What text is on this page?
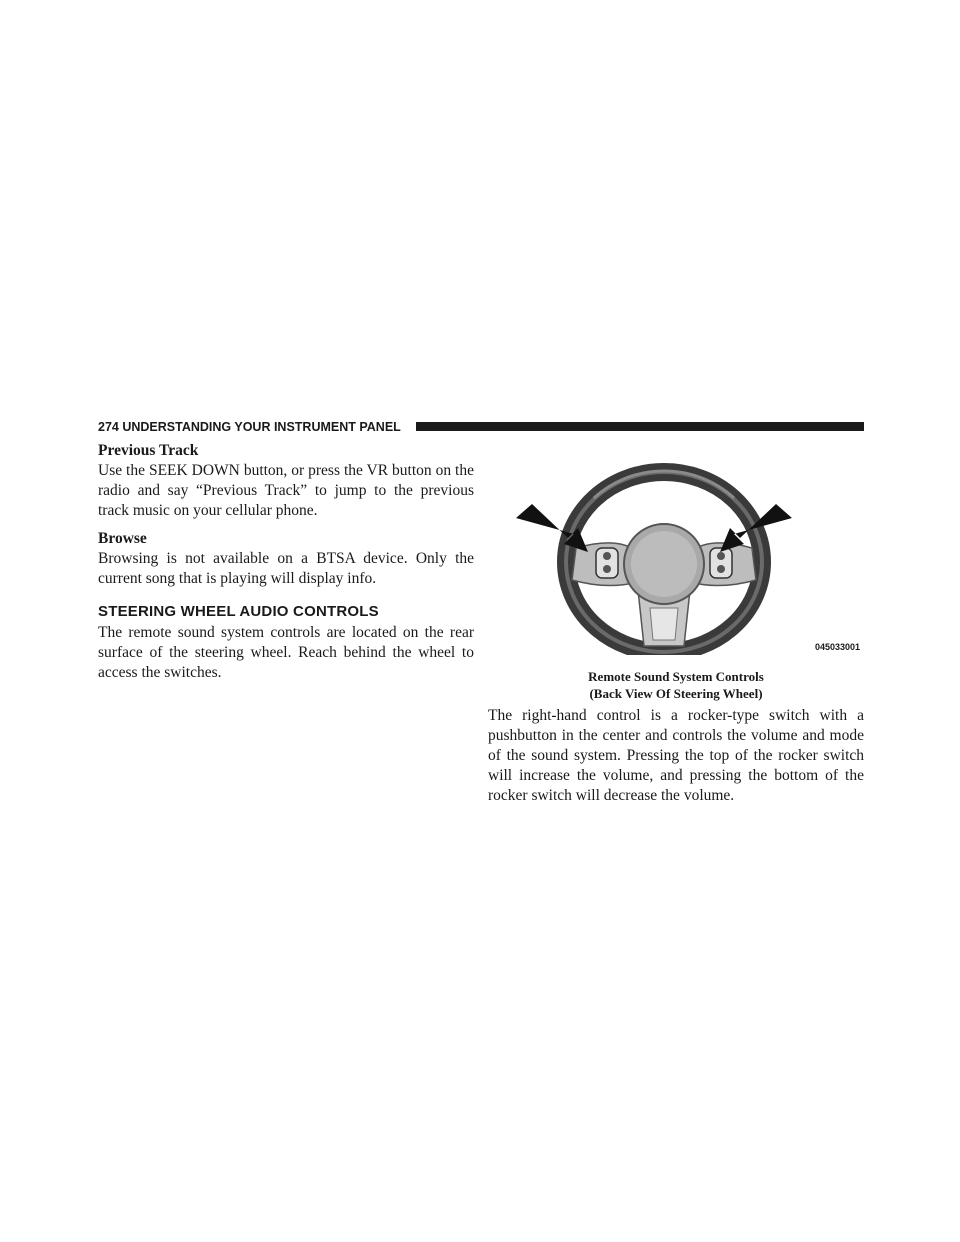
274 UNDERSTANDING YOUR INSTRUMENT PANEL

Previous Track

Use the SEEK DOWN button, or press the VR button on the radio and say “Previous Track” to jump to the previous track music on your cellular phone.

Browse

Browsing is not available on a BTSA device. Only the current song that is playing will display info.

STEERING WHEEL AUDIO CONTROLS

The remote sound system controls are located on the rear surface of the steering wheel. Reach behind the wheel to access the switches.

045033001
Remote Sound System Controls
(Back View Of Steering Wheel)

The right-hand control is a rocker-type switch with a pushbutton in the center and controls the volume and mode of the sound system. Pressing the top of the rocker switch will increase the volume, and pressing the bottom of the rocker switch will decrease the volume.
